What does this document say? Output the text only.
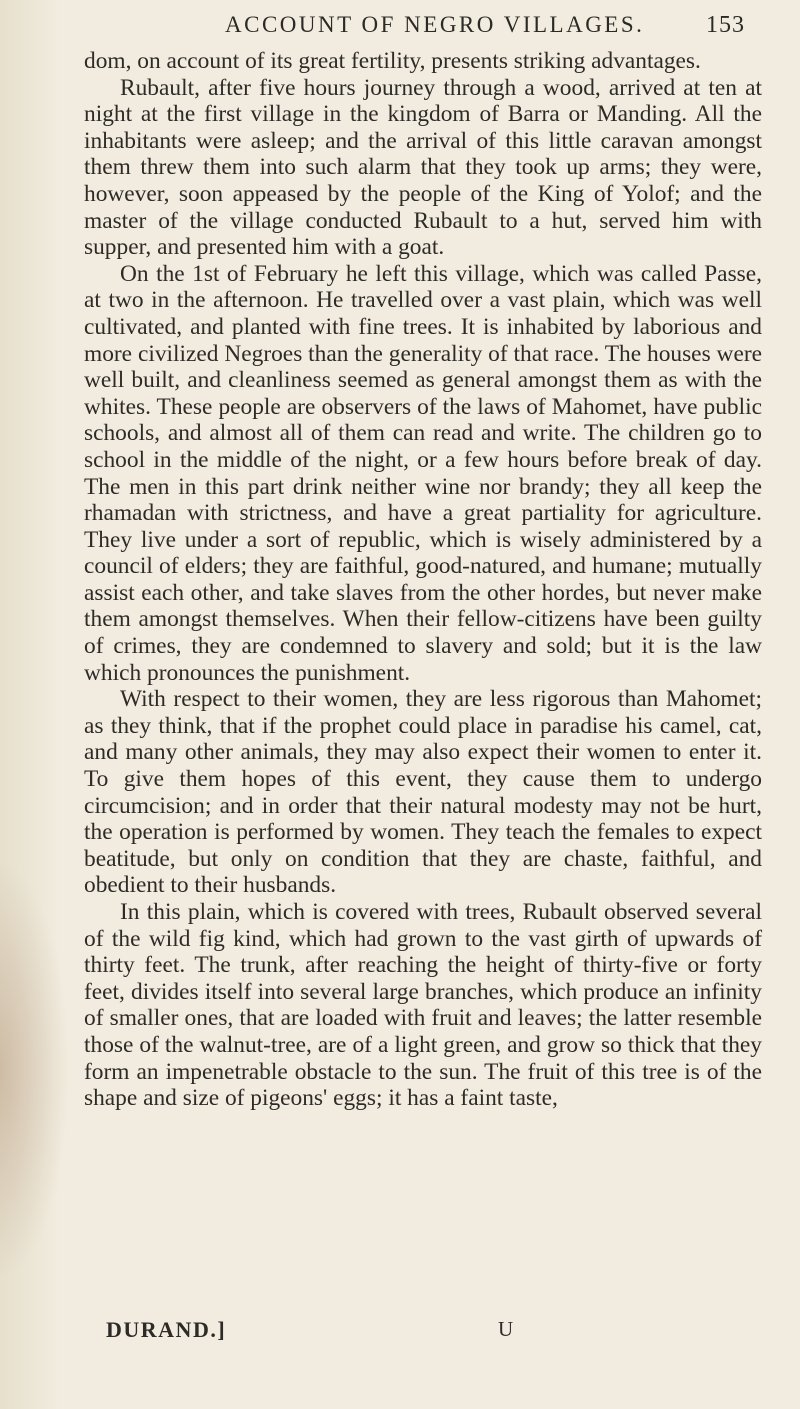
ACCOUNT OF NEGRO VILLAGES.	153

dom, on account of its great fertility, presents striking advantages.

Rubault, after five hours journey through a wood, arrived at ten at night at the first village in the kingdom of Barra or Manding. All the inhabitants were asleep; and the arrival of this little caravan amongst them threw them into such alarm that they took up arms; they were, however, soon appeased by the people of the King of Yolof; and the master of the village conducted Rubault to a hut, served him with supper, and presented him with a goat.

On the 1st of February he left this village, which was called Passe, at two in the afternoon. He travelled over a vast plain, which was well cultivated, and planted with fine trees. It is inhabited by laborious and more civilized Negroes than the generality of that race. The houses were well built, and cleanliness seemed as general amongst them as with the whites. These people are observers of the laws of Mahomet, have public schools, and almost all of them can read and write. The children go to school in the middle of the night, or a few hours before break of day. The men in this part drink neither wine nor brandy; they all keep the rhamadan with strictness, and have a great partiality for agriculture. They live under a sort of republic, which is wisely administered by a council of elders; they are faithful, good-natured, and humane; mutually assist each other, and take slaves from the other hordes, but never make them amongst themselves. When their fellow-citizens have been guilty of crimes, they are condemned to slavery and sold; but it is the law which pronounces the punishment.

With respect to their women, they are less rigorous than Mahomet; as they think, that if the prophet could place in paradise his camel, cat, and many other animals, they may also expect their women to enter it. To give them hopes of this event, they cause them to undergo circumcision; and in order that their natural modesty may not be hurt, the operation is performed by women. They teach the females to expect beatitude, but only on condition that they are chaste, faithful, and obedient to their husbands.

In this plain, which is covered with trees, Rubault observed several of the wild fig kind, which had grown to the vast girth of upwards of thirty feet. The trunk, after reaching the height of thirty-five or forty feet, divides itself into several large branches, which produce an infinity of smaller ones, that are loaded with fruit and leaves; the latter resemble those of the walnut-tree, are of a light green, and grow so thick that they form an impenetrable obstacle to the sun. The fruit of this tree is of the shape and size of pigeons' eggs; it has a faint taste,

DURAND.]	U
